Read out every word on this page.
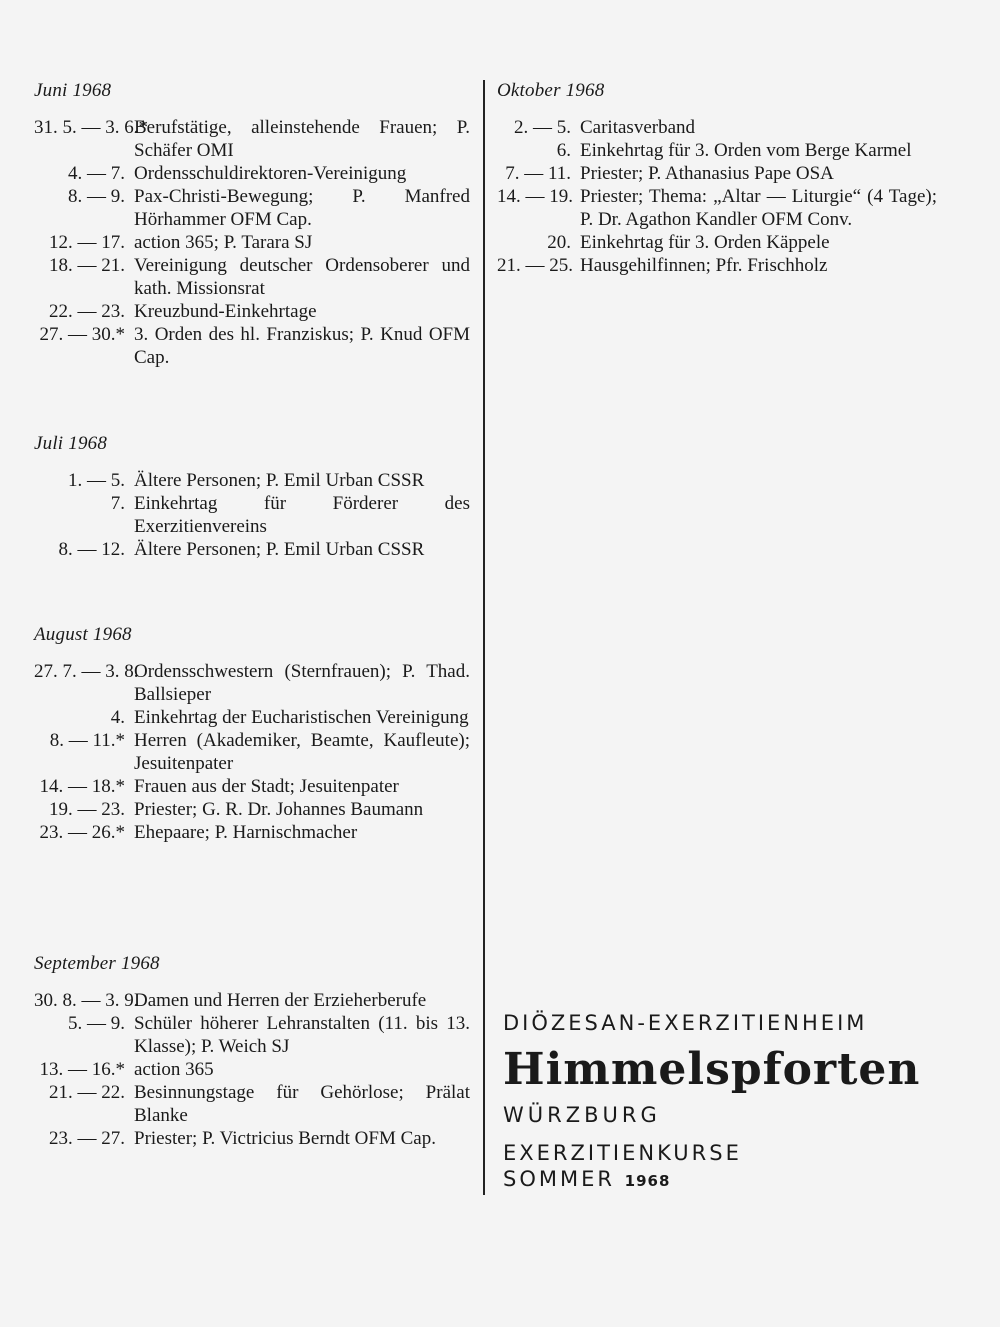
Juni 1968
31. 5. — 3. 6.*
Berufstätige, alleinstehende Frauen; P. Schäfer OMI
4. — 7. Ordensschuldirektoren-Vereinigung
8. — 9. Pax-Christi-Bewegung; P. Manfred Hörhammer OFM Cap.
12. — 17. action 365; P. Tarara SJ
18. — 21. Vereinigung deutscher Ordensoberer und kath. Missionsrat
22. — 23. Kreuzbund-Einkehrtage
27. — 30.* 3. Orden des hl. Franziskus; P. Knud OFM Cap.
Juli 1968
1. — 5. Ältere Personen; P. Emil Urban CSSR
7. Einkehrtag für Förderer des Exerzitienvereins
8. — 12. Ältere Personen; P. Emil Urban CSSR
August 1968
27. 7. — 3. 8.
Ordensschwestern (Sternfrauen); P. Thad. Ballsieper
4. Einkehrtag der Eucharistischen Vereinigung
8. — 11.* Herren (Akademiker, Beamte, Kaufleute); Jesuitenpater
14. — 18.* Frauen aus der Stadt; Jesuitenpater
19. — 23. Priester; G. R. Dr. Johannes Baumann
23. — 26.* Ehepaare; P. Harnischmacher
September 1968
30. 8. — 3. 9.
Damen und Herren der Erzieherberufe
5. — 9. Schüler höherer Lehranstalten (11. bis 13. Klasse); P. Weich SJ
13. — 16.* action 365
21. — 22. Besinnungstage für Gehörlose; Prälat Blanke
23. — 27. Priester; P. Victricius Berndt OFM Cap.
Oktober 1968
2. — 5. Caritasverband
6. Einkehrtag für 3. Orden vom Berge Karmel
7. — 11. Priester; P. Athanasius Pape OSA
14. — 19. Priester; Thema: „Altar — Liturgie“ (4 Tage); P. Dr. Agathon Kandler OFM Conv.
20. Einkehrtag für 3. Orden Käppele
21. — 25. Hausgehilfinnen; Pfr. Frischholz
DIÖZESAN-EXERZITIENHEIM
Himmelspforten
WÜRZBURG
EXERZITIENKURSE
SOMMER 1968
